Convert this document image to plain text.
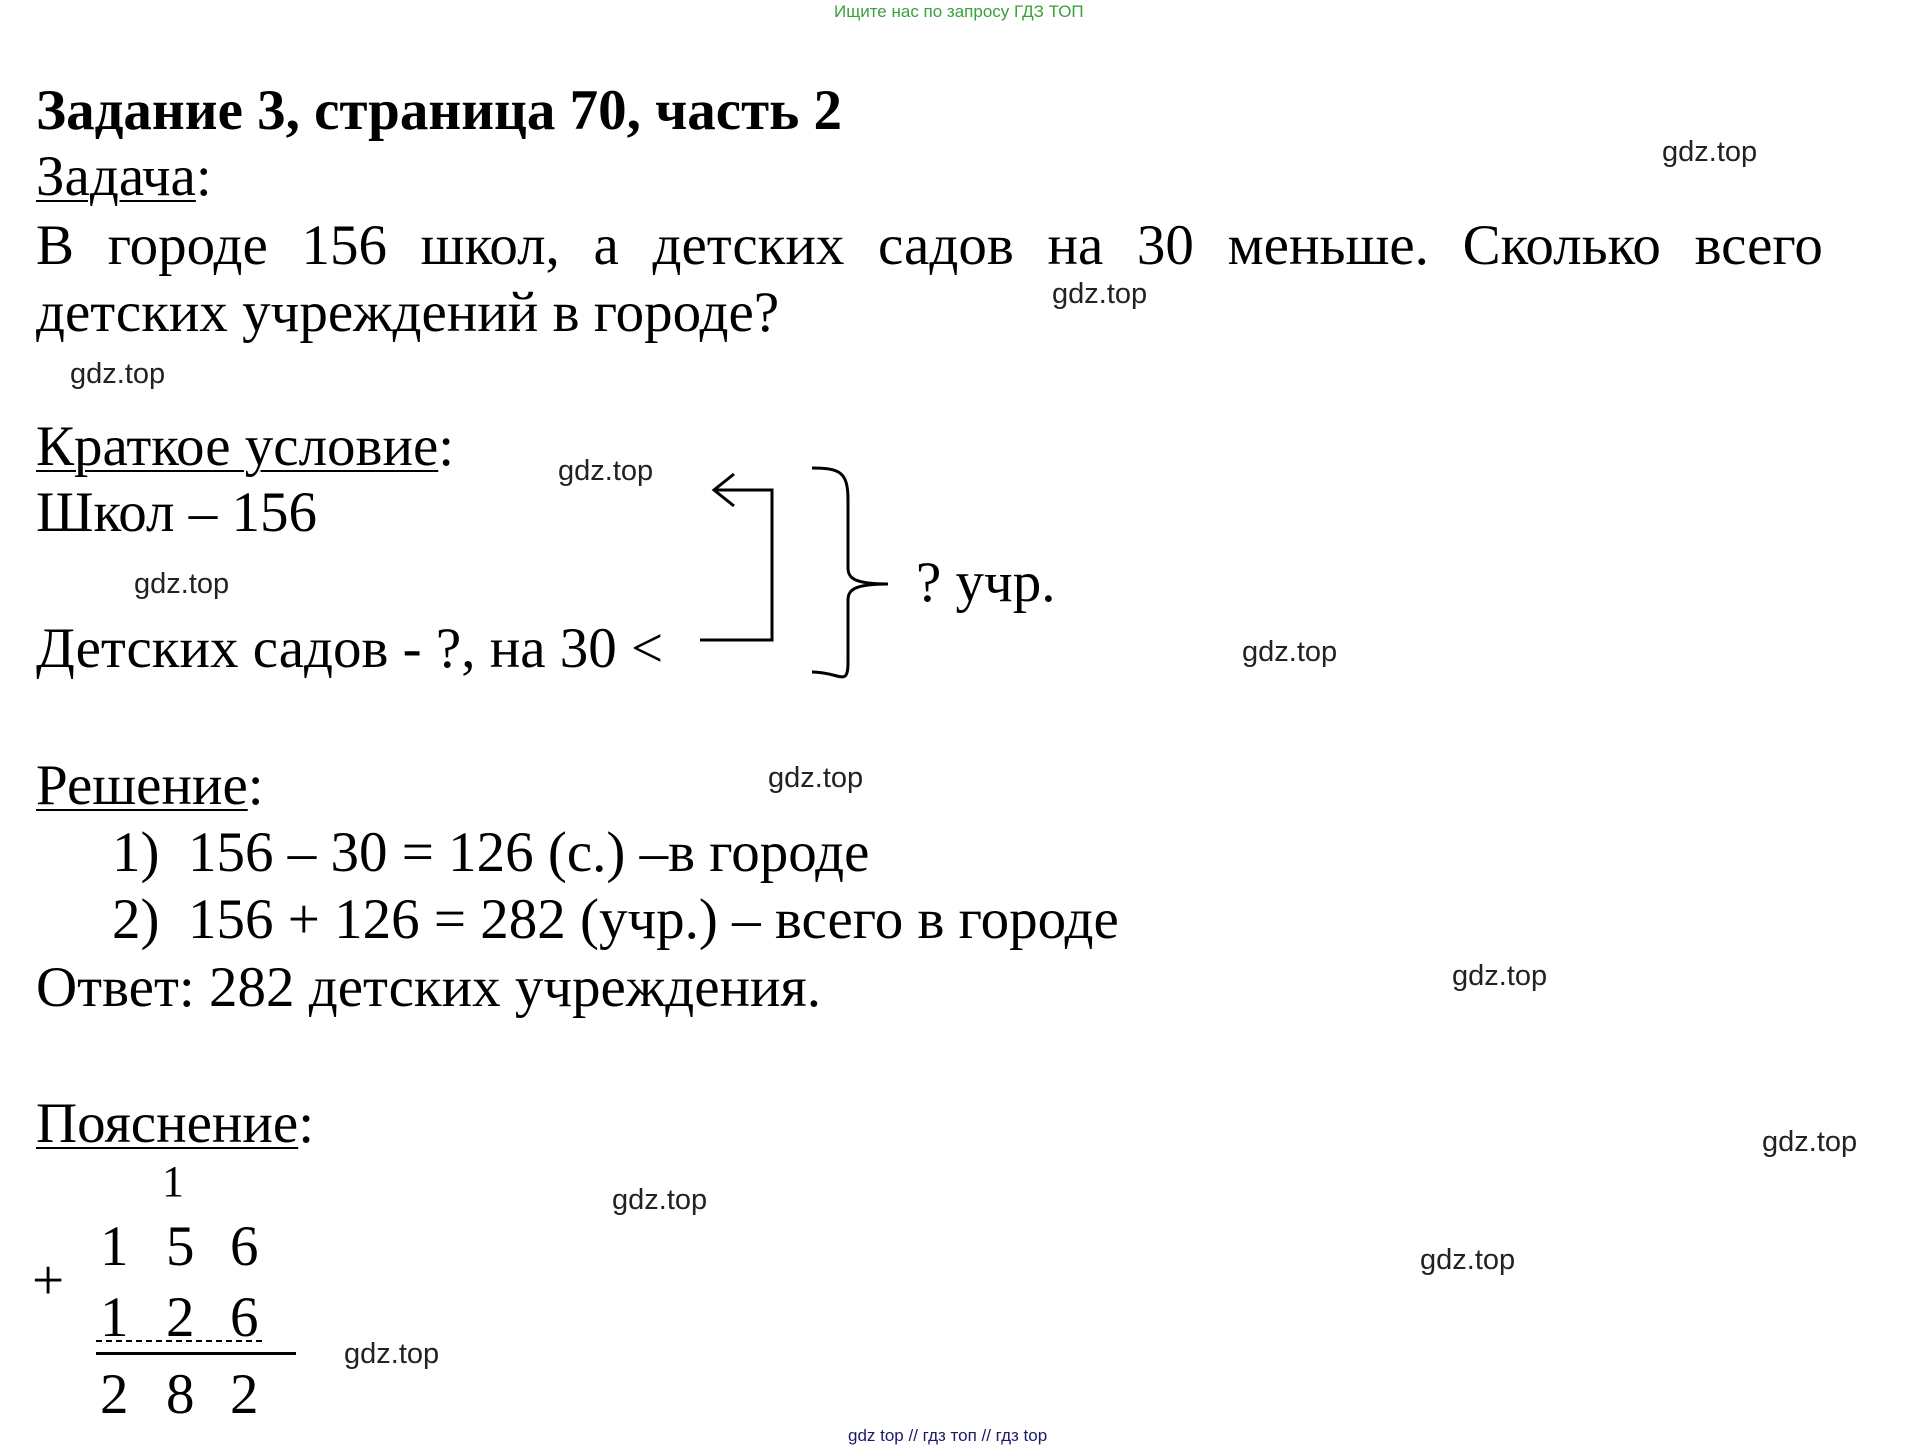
Ищите нас по запросу ГДЗ ТОП
Задание 3, страница 70, часть 2
Задача:
В городе 156 школ, а детских садов на 30 меньше. Сколько всего
детских учреждений в городе?
Краткое условие:
Школ – 156
Детских садов - ?, на 30 <
? учр.
Решение:
1) 156 – 30 = 126 (с.) –в городе
2) 156 + 126 = 282 (учр.) – всего в городе
Ответ: 282 детских учреждения.
Пояснение:
1
+
1 5 6
1 2 6
2 8 2
gdz.top
gdz.top
gdz.top
gdz.top
gdz.top
gdz.top
gdz.top
gdz.top
gdz.top
gdz.top
gdz.top
gdz.top
gdz top // гдз топ // гдз top
